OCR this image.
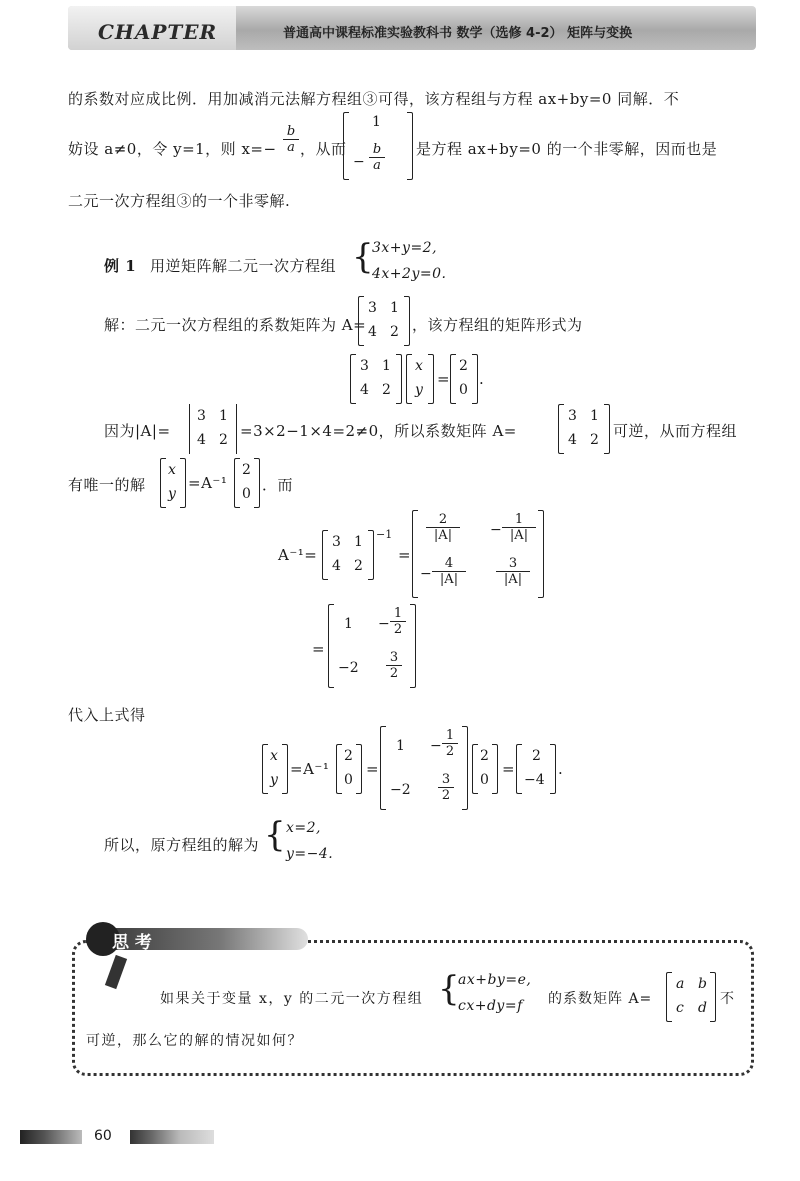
CHAPTER	普通高中课程标准实验教科书 数学（选修 4-2） 矩阵与变换
的系数对应成比例．用加减消元法解方程组③可得，该方程组与方程 ax+by=0 同解．不
妨设 a≠0，令 y=1，则 $x=- \frac{b}{a}$ ，从而
1
− $\frac{b}{a}$ 是方程 ax+by=0 的一个非零解，因而也是
二元一次方程组③的一个非零解.
例 1 用逆矩阵解二元一次方程组 {
3x+y=2,
4x+2y=0.
解：二元一次方程组的系数矩阵为 A=
3 1
4 2 ，该方程组的矩阵形式为
3 1
4 2
x
y
=
2
0
.
因为|A|=
3 1
4 2 =3×2−1×4=2≠0，所以系数矩阵 A=
3 1
4 2 可逆，从而方程组
有唯一的解
x
y
=A⁻¹
2
0 ．而
A⁻¹=
3 1
4 2
−1
=
$\frac{2}{|A|} - \frac{1}{|A|}$
− $\frac{4}{|A|} \frac{3}{|A|}$
=
$1 - \frac{1}{2}$
$-2 \frac{3}{2}$
代入上式得
x
y
=A⁻¹
2
0
=
$1 - \frac{1}{2}$
$-2 \frac{3}{2}$
2
0
=
2
−4
.
所以，原方程组的解为 { x=2,
y=−4.
思 考
如果关于变量 x，y 的二元一次方程组 {
ax+by=e,
cx+dy=f 的系数矩阵 A=
a b
c d
不
可逆，那么它的解的情况如何？
60
